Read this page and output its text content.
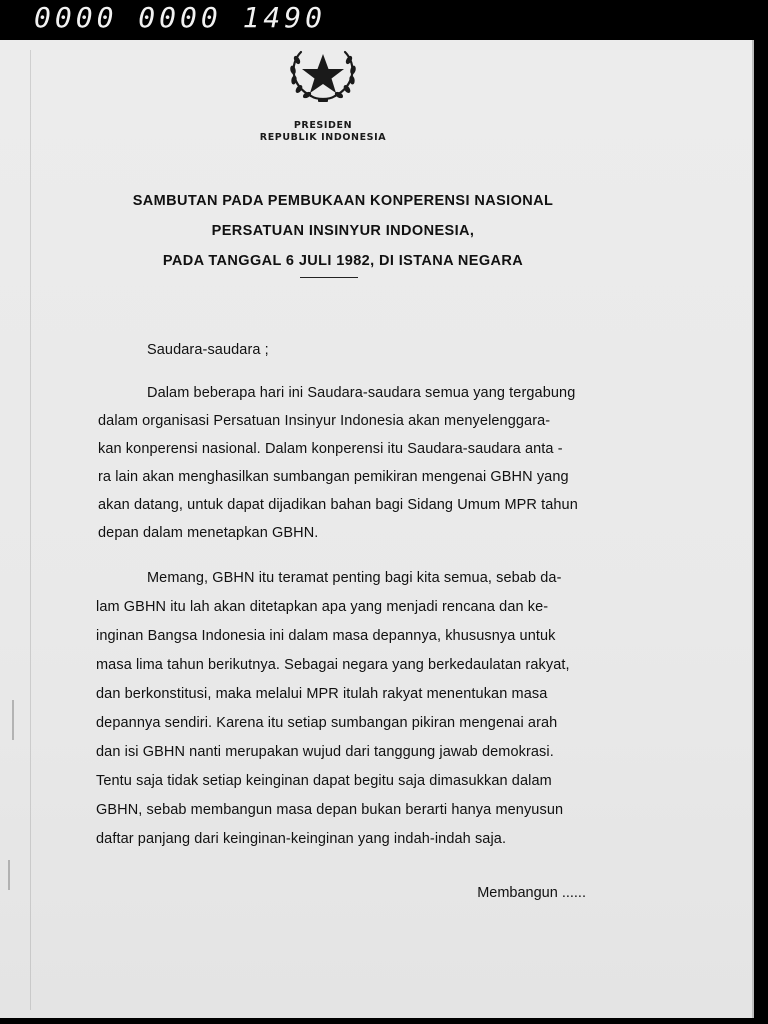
0000 0000 1490
PRESIDEN
REPUBLIK INDONESIA
SAMBUTAN PADA PEMBUKAAN KONPERENSI NASIONAL
PERSATUAN INSINYUR INDONESIA,
PADA TANGGAL 6 JULI 1982, DI ISTANA NEGARA
Saudara-saudara ;
Dalam beberapa hari ini Saudara-saudara semua yang tergabung
dalam organisasi Persatuan Insinyur Indonesia akan menyelenggara-
kan konperensi nasional. Dalam konperensi itu Saudara-saudara anta -
ra lain akan menghasilkan sumbangan pemikiran mengenai GBHN yang
akan datang, untuk dapat dijadikan bahan bagi Sidang Umum MPR tahun
depan dalam menetapkan GBHN.
Memang, GBHN itu teramat penting bagi kita semua, sebab da-
lam GBHN itu lah akan ditetapkan apa yang menjadi rencana dan ke-
inginan Bangsa Indonesia ini dalam masa depannya, khususnya untuk
masa lima tahun berikutnya. Sebagai negara yang berkedaulatan rakyat,
dan berkonstitusi, maka melalui MPR itulah rakyat menentukan masa
depannya sendiri. Karena itu setiap sumbangan pikiran mengenai arah
dan isi GBHN nanti merupakan wujud dari tanggung jawab demokrasi.
Tentu saja tidak setiap keinginan dapat begitu saja dimasukkan dalam
GBHN, sebab membangun masa depan bukan berarti hanya menyusun
daftar panjang dari keinginan-keinginan yang indah-indah saja.
Membangun ......
